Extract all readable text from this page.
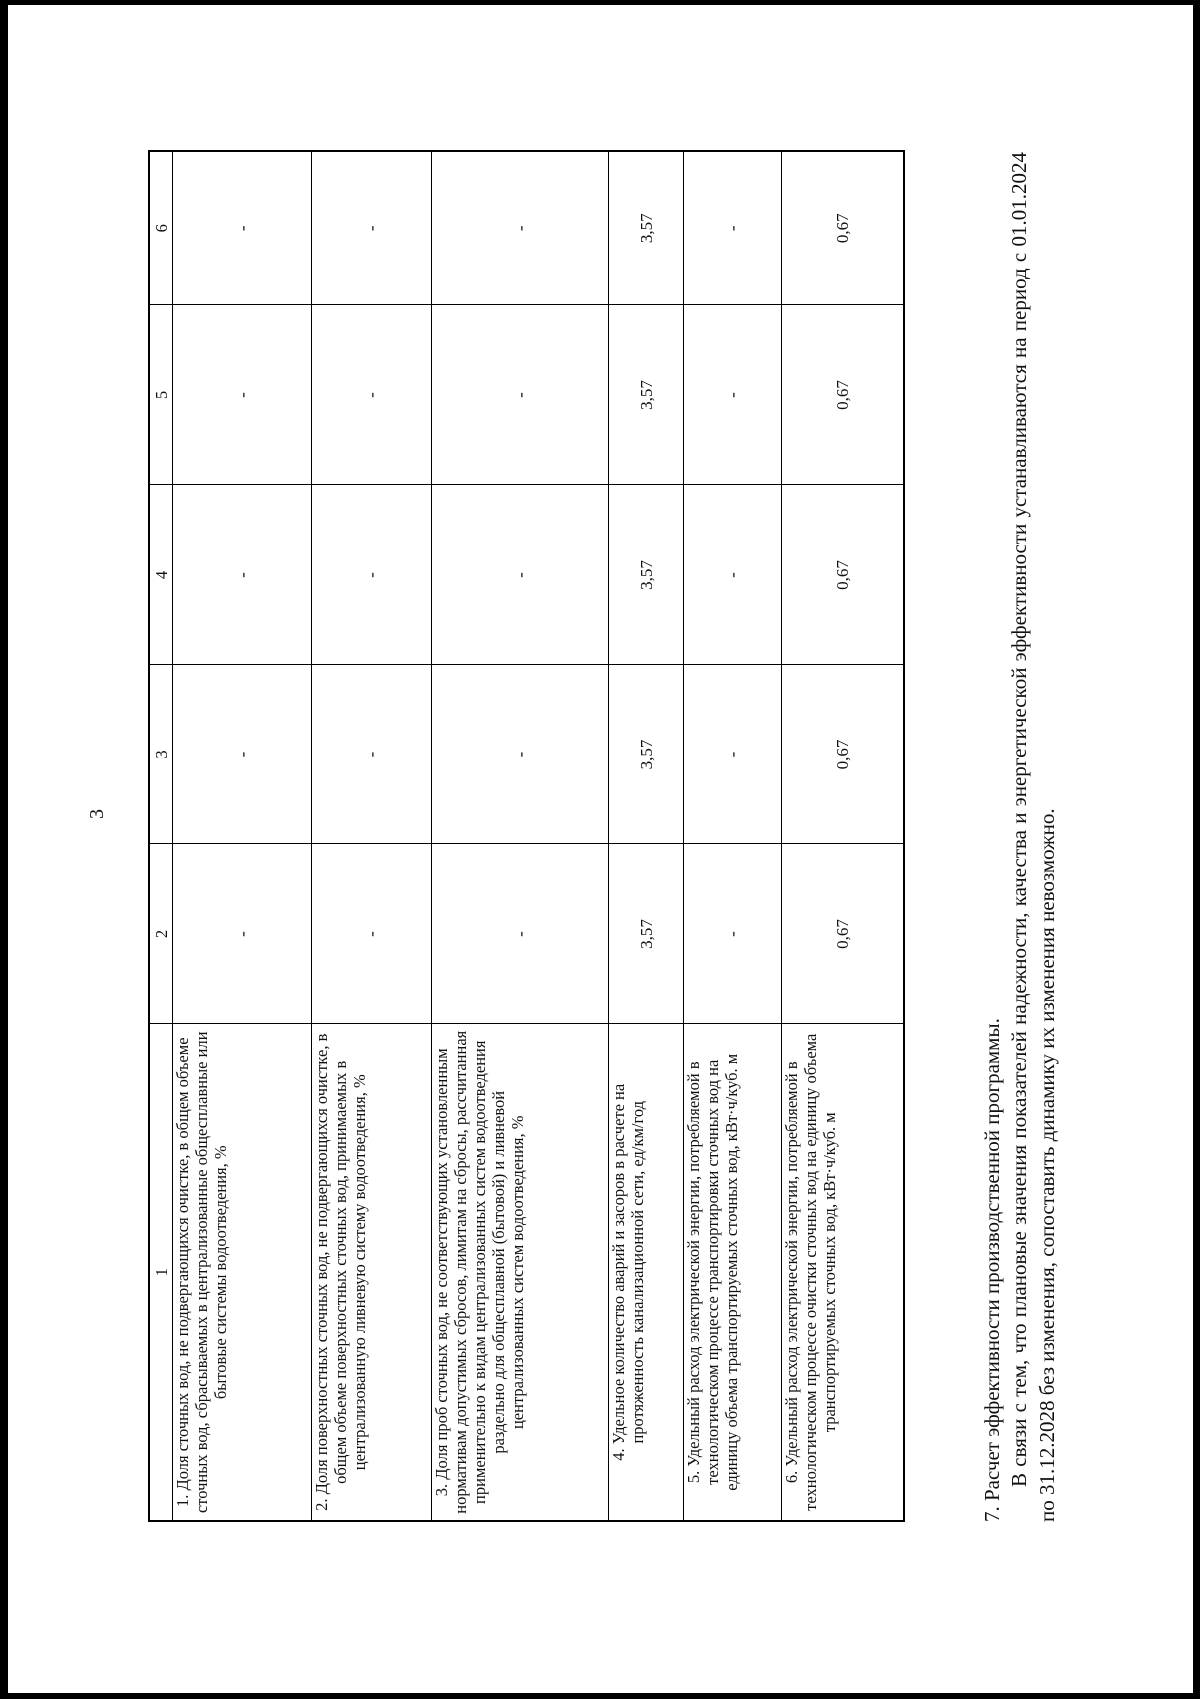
3
1	2	3	4	5	6
1. Доля сточных вод, не подвергающихся очистке, в общем объеме сточных вод, сбрасываемых в централизованные общесплавные или бытовые системы водоотведения, %	-	-	-	-	-
2. Доля поверхностных сточных вод, не подвергающихся очистке, в общем объеме поверхностных сточных вод, принимаемых в централизованную ливневую систему водоотведения, %	-	-	-	-	-
3. Доля проб сточных вод, не соответствующих установленным нормативам допустимых сбросов, лимитам на сбросы, рассчитанная применительно к видам централизованных систем водоотведения раздельно для общесплавной (бытовой) и ливневой централизованных систем водоотведения, %	-	-	-	-	-
4. Удельное количество аварий и засоров в расчете на протяженность канализационной сети, ед/км/год	3,57	3,57	3,57	3,57	3,57
5. Удельный расход электрической энергии, потребляемой в технологическом процессе транспортировки сточных вод на единицу объема транспортируемых сточных вод, кВт·ч/куб. м	-	-	-	-	-
6. Удельный расход электрической энергии, потребляемой в технологическом процессе очистки сточных вод на единицу объема транспортируемых сточных вод, кВт·ч/куб. м	0,67	0,67	0,67	0,67	0,67

7. Расчет эффективности производственной программы. В связи с тем, что плановые значения показателей надежности, качества и энергетической эффективности устанавливаются на период с 01.01.2024 по 31.12.2028 без изменения, сопоставить динамику их изменения невозможно.
